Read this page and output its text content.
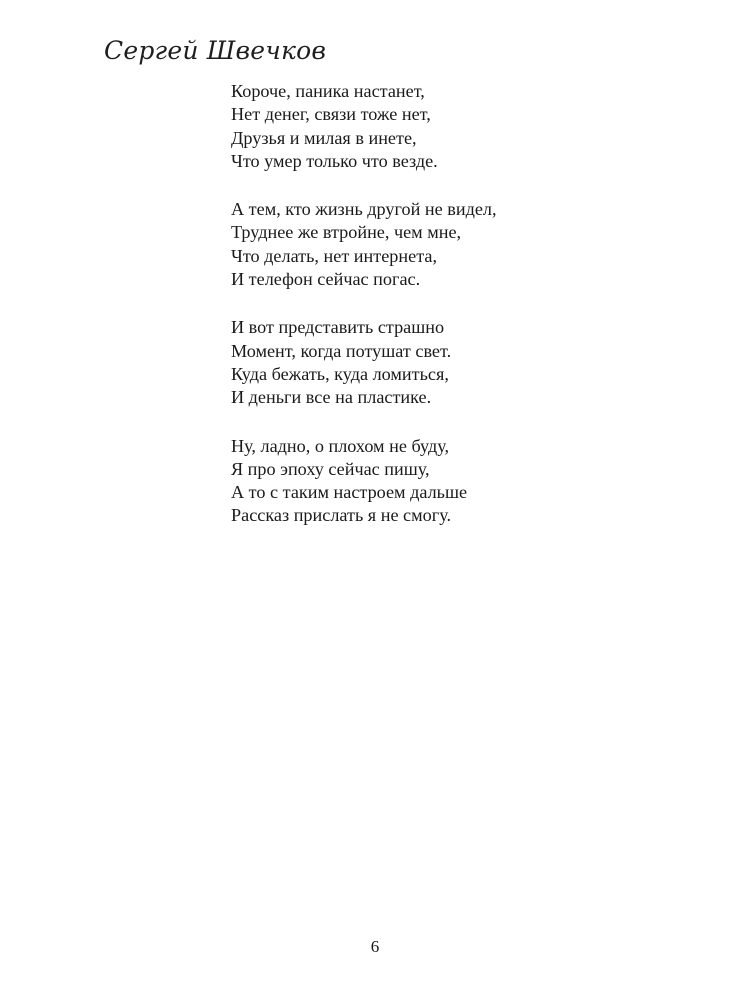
Сергей Швечков
Короче, паника настанет,
Нет денег, связи тоже нет,
Друзья и милая в инете,
Что умер только что везде.
А тем, кто жизнь другой не видел,
Труднее же втройне, чем мне,
Что делать, нет интернета,
И телефон сейчас погас.
И вот представить страшно
Момент, когда потушат свет.
Куда бежать, куда ломиться,
И деньги все на пластике.
Ну, ладно, о плохом не буду,
Я про эпоху сейчас пишу,
А то с таким настроем дальше
Рассказ прислать я не смогу.
6
